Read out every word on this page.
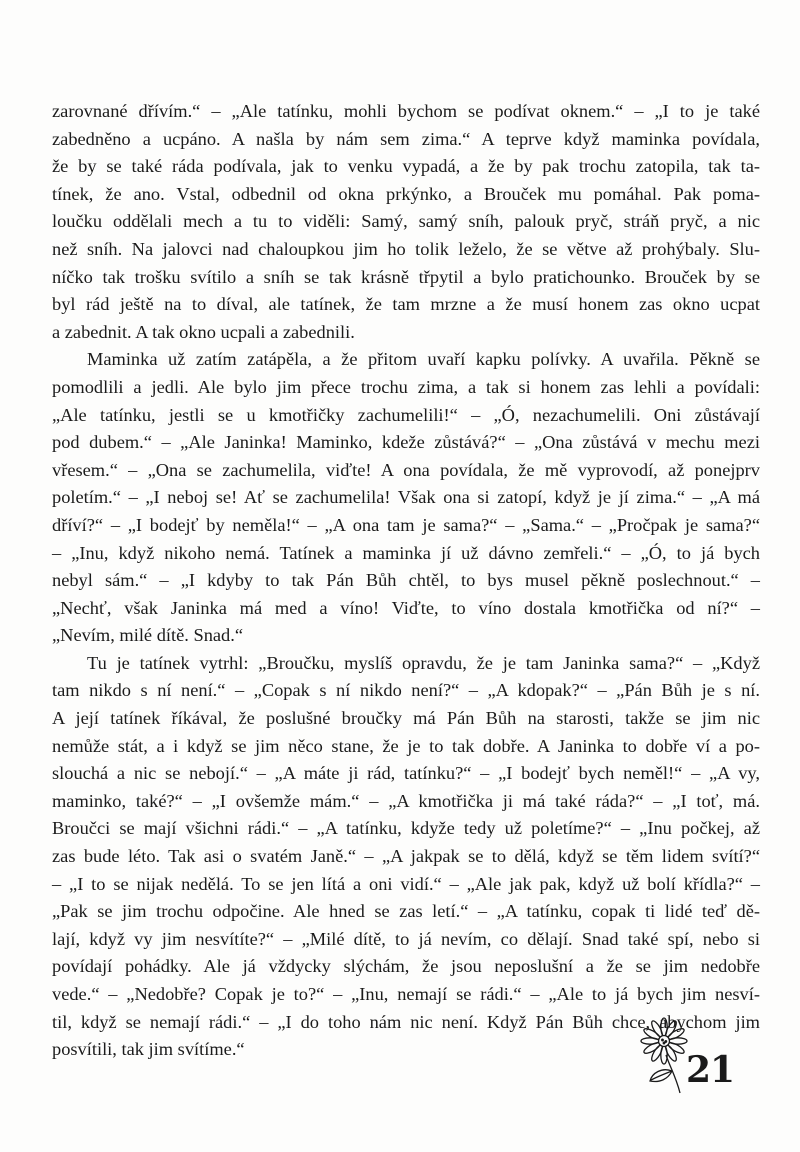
zarovnané dřívím.“ – „Ale tatínku, mohli bychom se podívat oknem.“ – „I to je také
zabedněno a ucpáno. A našla by nám sem zima.“ A teprve když maminka povídala,
že by se také ráda podívala, jak to venku vypadá, a že by pak trochu zatopila, tak ta-
tínek, že ano. Vstal, odbednil od okna prkýnko, a Brouček mu pomáhal. Pak poma-
loučku oddělali mech a tu to viděli: Samý, samý sníh, palouk pryč, stráň pryč, a nic
než sníh. Na jalovci nad chaloupkou jim ho tolik leželo, že se větve až prohýbaly. Slu-
níčko tak trošku svítilo a sníh se tak krásně třpytil a bylo pratichounko. Brouček by se
byl rád ještě na to díval, ale tatínek, že tam mrzne a že musí honem zas okno ucpat
a zabednit. A tak okno ucpali a zabednili.
Maminka už zatím zatápěla, a že přitom uvaří kapku polívky. A uvařila. Pěkně se
pomodlili a jedli. Ale bylo jim přece trochu zima, a tak si honem zas lehli a povídali:
„Ale tatínku, jestli se u kmotřičky zachumelili!“ – „Ó, nezachumelili. Oni zůstávají
pod dubem.“ – „Ale Janinka! Maminko, kdeže zůstává?“ – „Ona zůstává v mechu mezi
vřesem.“ – „Ona se zachumelila, viďte! A ona povídala, že mě vyprovodí, až ponejprv
poletím.“ – „I neboj se! Ať se zachumelila! Však ona si zatopí, když je jí zima.“ – „A má
dříví?“ – „I bodejť by neměla!“ – „A ona tam je sama?“ – „Sama.“ – „Pročpak je sama?“
– „Inu, když nikoho nemá. Tatínek a maminka jí už dávno zemřeli.“ – „Ó, to já bych
nebyl sám.“ – „I kdyby to tak Pán Bůh chtěl, to bys musel pěkně poslechnout.“ –
„Nechť, však Janinka má med a víno! Viďte, to víno dostala kmotřička od ní?“ –
„Nevím, milé dítě. Snad.“
Tu je tatínek vytrhl: „Broučku, myslíš opravdu, že je tam Janinka sama?“ – „Když
tam nikdo s ní není.“ – „Copak s ní nikdo není?“ – „A kdopak?“ – „Pán Bůh je s ní.
A její tatínek říkával, že poslušné broučky má Pán Bůh na starosti, takže se jim nic
nemůže stát, a i když se jim něco stane, že je to tak dobře. A Janinka to dobře ví a po-
slouchá a nic se nebojí.“ – „A máte ji rád, tatínku?“ – „I bodejť bych neměl!“ – „A vy,
maminko, také?“ – „I ovšemže mám.“ – „A kmotřička ji má také ráda?“ – „I toť, má.
Broučci se mají všichni rádi.“ – „A tatínku, kdyže tedy už poletíme?“ – „Inu počkej, až
zas bude léto. Tak asi o svatém Janě.“ – „A jakpak se to dělá, když se těm lidem svítí?“
– „I to se nijak nedělá. To se jen lítá a oni vidí.“ – „Ale jak pak, když už bolí křídla?“ –
„Pak se jim trochu odpočine. Ale hned se zas letí.“ – „A tatínku, copak ti lidé teď dě-
lají, když vy jim nesvítíte?“ – „Milé dítě, to já nevím, co dělají. Snad také spí, nebo si
povídají pohádky. Ale já vždycky slýchám, že jsou neposlušní a že se jim nedobře
vede.“ – „Nedobře? Copak je to?“ – „Inu, nemají se rádi.“ – „Ale to já bych jim nesví-
til, když se nemají rádi.“ – „I do toho nám nic není. Když Pán Bůh chce, abychom jim
posvítili, tak jim svítíme.“	21
